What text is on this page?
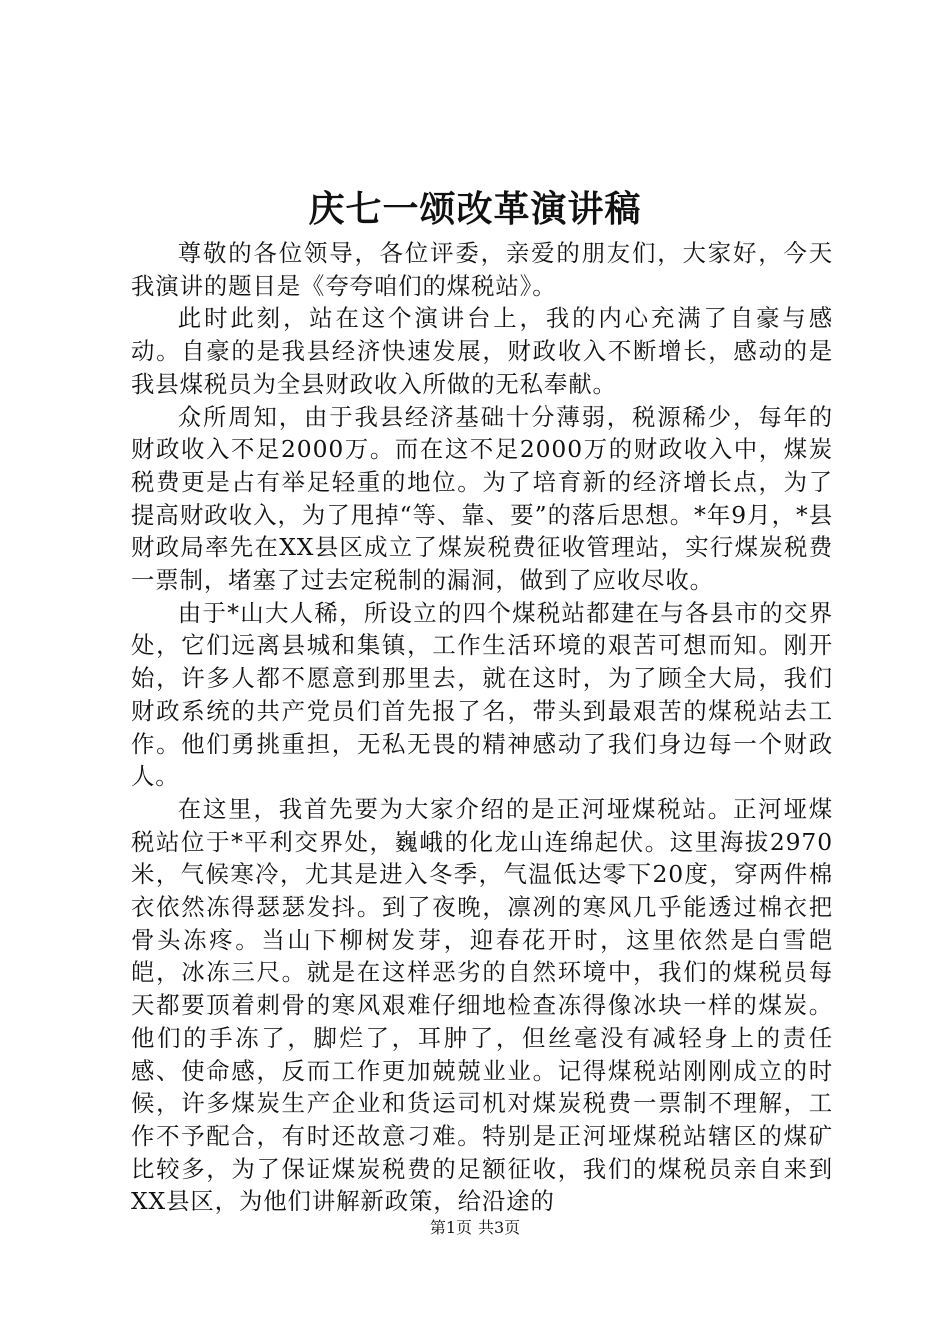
庆七一颂改革演讲稿

尊敬的各位领导，各位评委，亲爱的朋友们，大家好，今天我演讲的题目是《夸夸咱们的煤税站》。

此时此刻，站在这个演讲台上，我的内心充满了自豪与感动。自豪的是我县经济快速发展，财政收入不断增长，感动的是我县煤税员为全县财政收入所做的无私奉献。

众所周知，由于我县经济基础十分薄弱，税源稀少，每年的财政收入不足2000万。而在这不足2000万的财政收入中，煤炭税费更是占有举足轻重的地位。为了培育新的经济增长点，为了提高财政收入，为了甩掉“等、靠、要”的落后思想。*年9月，*县财政局率先在XX县区成立了煤炭税费征收管理站，实行煤炭税费一票制，堵塞了过去定税制的漏洞，做到了应收尽收。

由于*山大人稀，所设立的四个煤税站都建在与各县市的交界处，它们远离县城和集镇，工作生活环境的艰苦可想而知。刚开始，许多人都不愿意到那里去，就在这时，为了顾全大局，我们财政系统的共产党员们首先报了名，带头到最艰苦的煤税站去工作。他们勇挑重担，无私无畏的精神感动了我们身边每一个财政人。

在这里，我首先要为大家介绍的是正河垭煤税站。正河垭煤税站位于*平利交界处，巍峨的化龙山连绵起伏。这里海拔2970米，气候寒冷，尤其是进入冬季，气温低达零下20度，穿两件棉衣依然冻得瑟瑟发抖。到了夜晚，凛冽的寒风几乎能透过棉衣把骨头冻疼。当山下柳树发芽，迎春花开时，这里依然是白雪皑皑，冰冻三尺。就是在这样恶劣的自然环境中，我们的煤税员每天都要顶着刺骨的寒风艰难仔细地检查冻得像冰块一样的煤炭。他们的手冻了，脚烂了，耳肿了，但丝毫没有减轻身上的责任感、使命感，反而工作更加兢兢业业。记得煤税站刚刚成立的时候，许多煤炭生产企业和货运司机对煤炭税费一票制不理解，工作不予配合，有时还故意刁难。特别是正河垭煤税站辖区的煤矿比较多，为了保证煤炭税费的足额征收，我们的煤税员亲自来到XX县区，为他们讲解新政策，给沿途的

第1页 共3页
